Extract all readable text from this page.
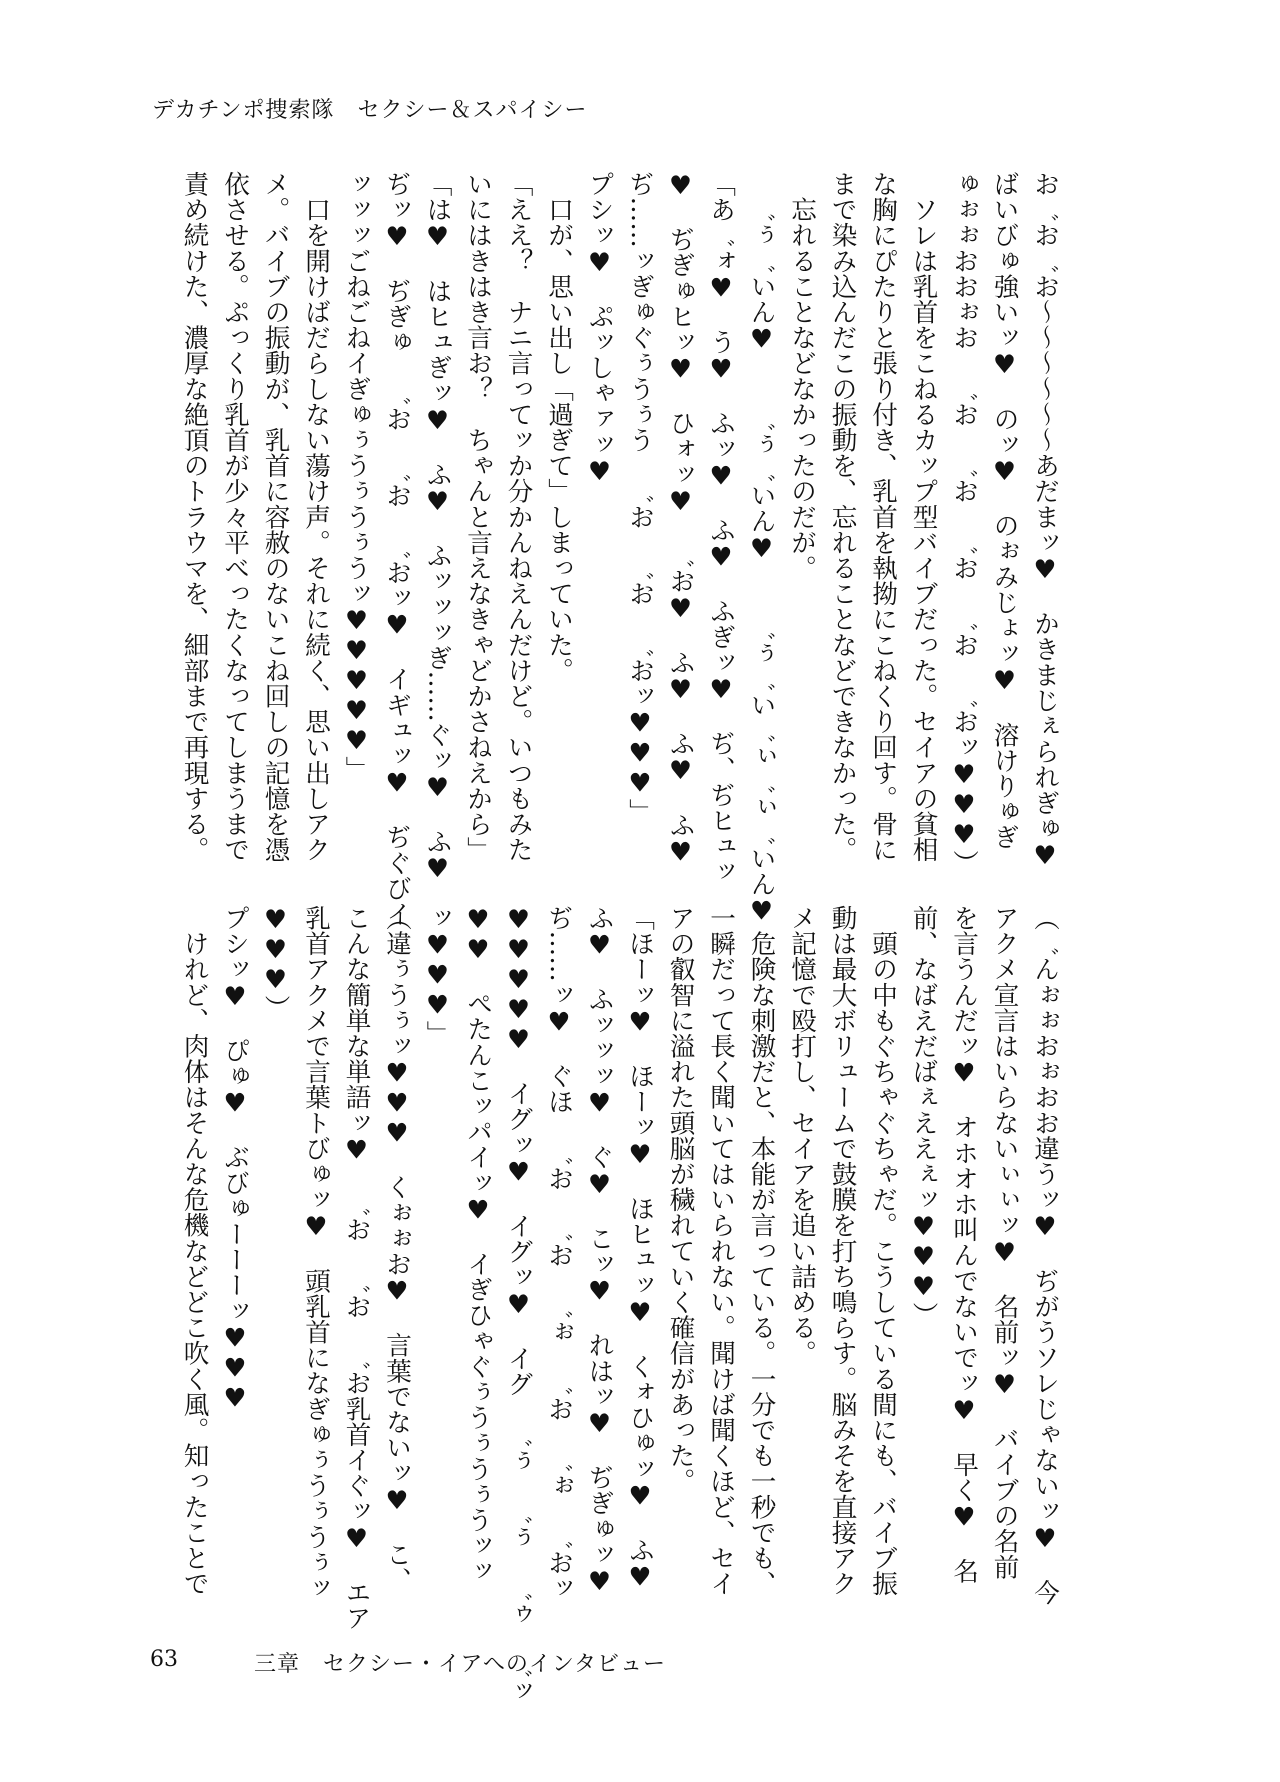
デカチンポ捜索隊　セクシー＆スパイシー
お゛お゛お～～～～～～あだまッ♥　かきまじぇられぎゅ♥
ばいびゅ強いッ♥　のッ♥　のぉみじょッ♥　溶けりゅぎ
ゅぉぉおおぉお　゛お　゛お　゛お　゛お　゛おッ♥♥♥）
　ソレは乳首をこねるカップ型バイブだった。セイアの貧相
な胸にぴたりと張り付き、乳首を執拗にこねくり回す。骨に
まで染み込んだこの振動を、忘れることなどできなかった。
　忘れることなどなかったのだが。
　゛ぅ゛いん♥　　゛ぅ゛いん♥　　゛ぅ゛い゛ぃ゛ぃ゛いん♥
「あ゛ォ♥　う♥　ふッ♥　ふ♥　ふぎッ♥　ぢ、ぢヒュッ
♥　ぢぎゅヒッ♥　ひォッ♥　゛お♥　ふ♥　ふ♥　ふ♥
ぢ……ッぎゅぐぅうぅう　゛お　゛お　゛おッ♥♥♥」
プシッ♥　ぷッしゃァッ♥
　口が、思い出し「過ぎて」しまっていた。
「ええ？　ナニ言ってッか分かんねえんだけど。いつもみた
いにはきはき言お？　ちゃんと言えなきゃどかさねえから」
「は♥　はヒュぎッ♥　ふ♥　ふッッッぎ……ぐッ♥　ふ♥
ぢッ♥　ぢぎゅ　゛お　゛お　゛おッ♥　イギュッ♥　ぢぐびイ
ッッッごねごねイぎゅぅうぅうぅうッ♥♥♥♥♥」
　口を開けばだらしない蕩け声。それに続く、思い出しアク
メ。バイブの振動が、乳首に容赦のないこね回しの記憶を憑
依させる。ぷっくり乳首が少々平べったくなってしまうまで
責め続けた、濃厚な絶頂のトラウマを、細部まで再現する。
（゛んぉぉおぉおお違うッ♥　ぢがうソレじゃないッ♥　今
アクメ宣言はいらないぃぃッ♥　名前ッ♥　バイブの名前
を言うんだッ♥　オホオホ叫んでないでッ♥　早く♥　名
前、なばえだばぇええぇッ♥♥♥）
　頭の中もぐちゃぐちゃだ。こうしている間にも、バイブ振
動は最大ボリュームで鼓膜を打ち鳴らす。脳みそを直接アク
メ記憶で殴打し、セイアを追い詰める。
　危険な刺激だと、本能が言っている。一分でも一秒でも、
一瞬だって長く聞いてはいられない。聞けば聞くほど、セイ
アの叡智に溢れた頭脳が穢れていく確信があった。
「ほーッ♥　ほーッ♥　ほヒュッ♥　くォひゅッ♥　ふ♥
ふ♥　ふッッッ♥　ぐ♥　こッ♥　れはッ♥　ぢぎゅッ♥
ぢ……ッ♥　ぐほ　゛お　゛お　゛ぉ　゛お　゛ぉ　゛おッ
♥♥♥♥♥　イグッ♥　イグッ♥　イグ　゛ぅ　゛ぅ　゛ゥ　゛ッ
♥♥　ぺたんこッパイッ♥　イぎひゃぐぅうぅうぅうッッ
ッ♥♥♥」
（違ぅうぅッ♥♥♥　くぉぉお♥　言葉でないッ♥　こ、
こんな簡単な単語ッ♥　゛お　゛お　゛お乳首イぐッ♥　エア
乳首アクメで言葉トびゅッ♥　頭乳首になぎゅぅうぅうぅッ
♥♥♥）
プシッ♥　ぴゅ♥　ぶびゅーーーッ♥♥♥
　けれど、肉体はそんな危機などどこ吹く風。知ったことで
63	三章　セクシー・イアへのインタビュー
